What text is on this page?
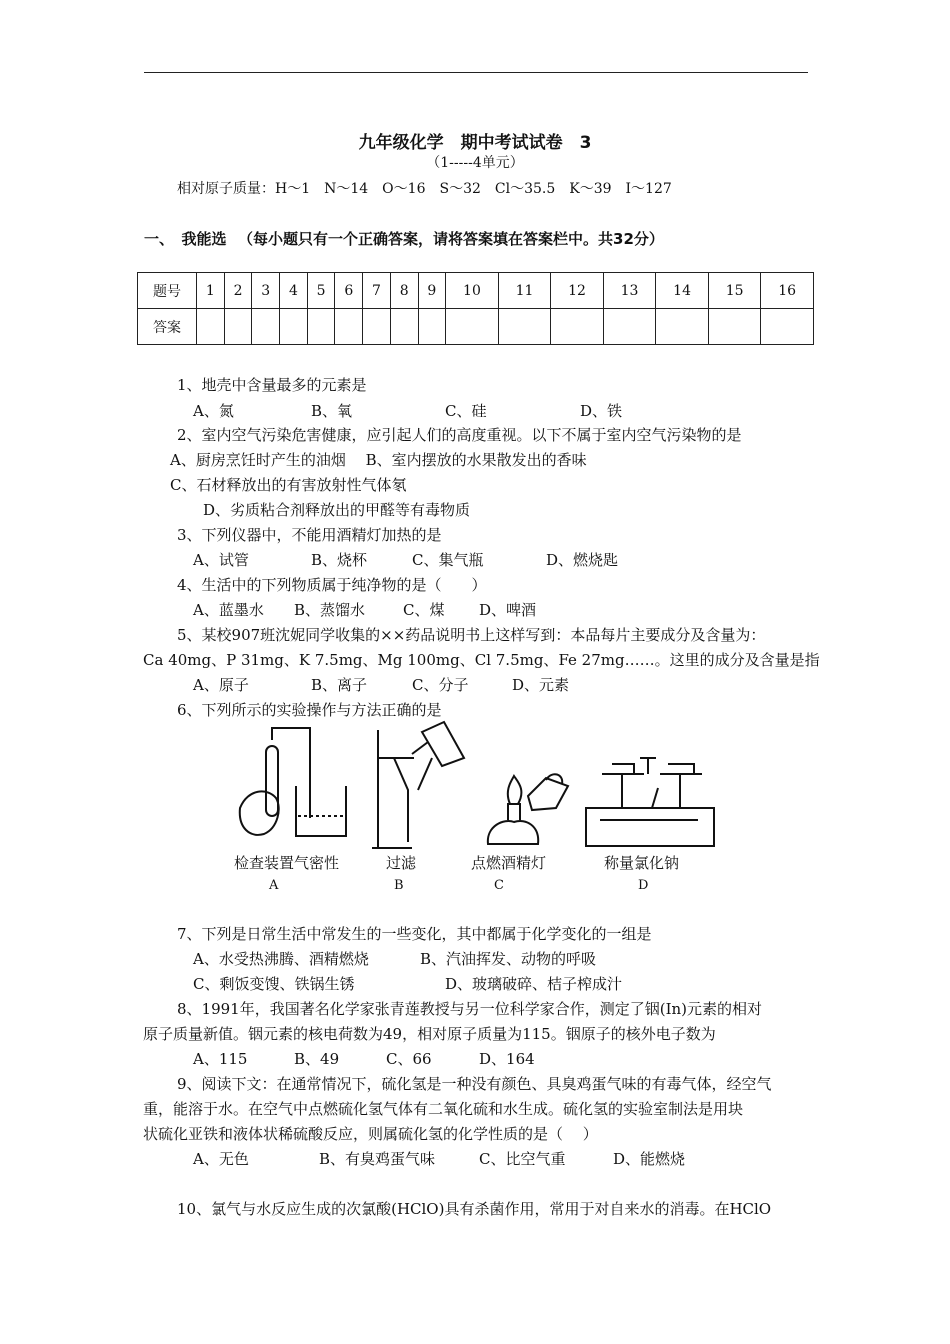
九年级化学　期中考试试卷　3
（1-----4单元）
相对原子质量：H～1　N～14　O～16　S～32　Cl～35.5　K～39　I～127
一、　我能选 （每小题只有一个正确答案，请将答案填在答案栏中。共32分）
题号	1	2	3	4	5	6	7	8	9	10	11	12	13	14	15	16
答案																
1、地壳中含量最多的元素是
A、氮	B、氧	C、硅	D、铁
2、室内空气污染危害健康，应引起人们的高度重视。以下不属于室内空气污染物的是
A、厨房烹饪时产生的油烟　 B、室内摆放的水果散发出的香味
C、石材释放出的有害放射性气体氡
D、劣质粘合剂释放出的甲醛等有毒物质
3、下列仪器中，不能用酒精灯加热的是
A、试管	B、烧杯	C、集气瓶	D、燃烧匙
4、生活中的下列物质属于纯净物的是（　　）
A、蓝墨水 B、蒸馏水	C、煤 D、啤酒
5、某校907班沈妮同学收集的××药品说明书上这样写到：本品每片主要成分及含量为：
Ca 40mg、P 31mg、K 7.5mg、Mg 100mg、Cl 7.5mg、Fe 27mg……。这里的成分及含量是指
A、原子	B、离子	C、分子	D、元素
6、下列所示的实验操作与方法正确的是
检查装置气密性	过滤	点燃酒精灯	称量氯化钠
A	B	C	D
7、下列是日常生活中常发生的一些变化，其中都属于化学变化的一组是
A、水受热沸腾、酒精燃烧	B、汽油挥发、动物的呼吸
C、剩饭变馊、铁锅生锈	D、玻璃破碎、桔子榨成汁
8、1991年，我国著名化学家张青莲教授与另一位科学家合作，测定了铟(In)元素的相对
原子质量新值。铟元素的核电荷数为49，相对原子质量为115。铟原子的核外电子数为
A、115	B、49	C、66	D、164
9、阅读下文：在通常情况下，硫化氢是一种没有颜色、具臭鸡蛋气味的有毒气体，经空气
重，能溶于水。在空气中点燃硫化氢气体有二氧化硫和水生成。硫化氢的实验室制法是用块
状硫化亚铁和液体状稀硫酸反应，则属硫化氢的化学性质的是（　 ）
A、无色	B、有臭鸡蛋气味	C、比空气重	D、能燃烧
10、氯气与水反应生成的次氯酸(HClO)具有杀菌作用，常用于对自来水的消毒。在HClO
